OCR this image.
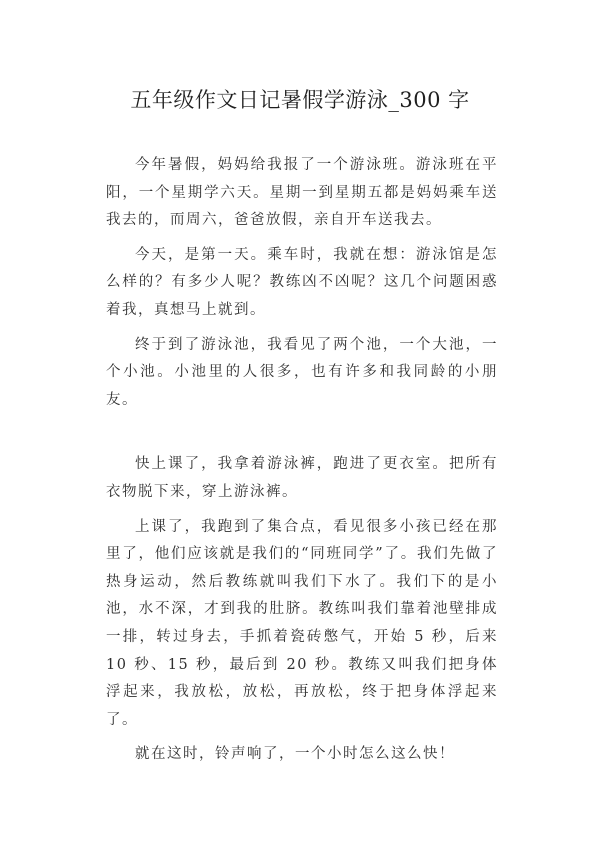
五年级作文日记暑假学游泳_300 字

今年暑假，妈妈给我报了一个游泳班。游泳班在平阳，一个星期学六天。星期一到星期五都是妈妈乘车送我去的，而周六，爸爸放假，亲自开车送我去。

今天，是第一天。乘车时，我就在想：游泳馆是怎么样的？有多少人呢？教练凶不凶呢？这几个问题困惑着我，真想马上就到。

终于到了游泳池，我看见了两个池，一个大池，一个小池。小池里的人很多，也有许多和我同龄的小朋友。

快上课了，我拿着游泳裤，跑进了更衣室。把所有衣物脱下来，穿上游泳裤。

上课了，我跑到了集合点，看见很多小孩已经在那里了，他们应该就是我们的“同班同学”了。我们先做了热身运动，然后教练就叫我们下水了。我们下的是小池，水不深，才到我的肚脐。教练叫我们靠着池壁排成一排，转过身去，手抓着瓷砖憋气，开始 5 秒，后来 10 秒、15 秒，最后到 20 秒。教练又叫我们把身体浮起来，我放松，放松，再放松，终于把身体浮起来了。

就在这时，铃声响了，一个小时怎么这么快！
